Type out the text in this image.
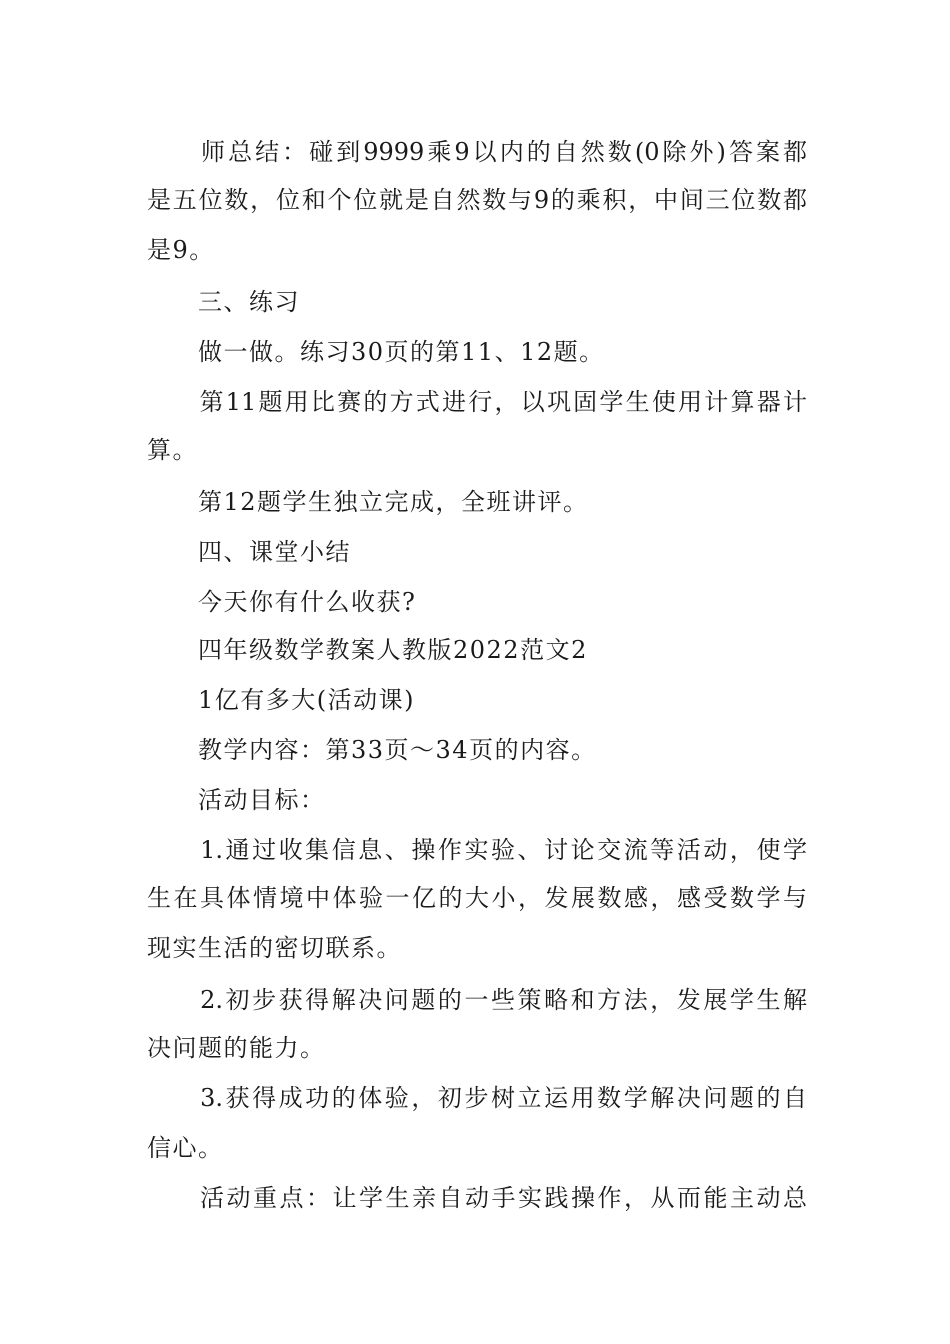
　　师总结：碰到9999乘9以内的自然数(0除外)答案都
是五位数，位和个位就是自然数与9的乘积，中间三位数都
是9。
　　三、练习
　　做一做。练习30页的第11、12题。
　　第11题用比赛的方式进行，以巩固学生使用计算器计
算。
　　第12题学生独立完成，全班讲评。
　　四、课堂小结
　　今天你有什么收获?
　　四年级数学教案人教版2022范文2
　　1亿有多大(活动课)
　　教学内容：第33页～34页的内容。
　　活动目标：
　　1.通过收集信息、操作实验、讨论交流等活动，使学
生在具体情境中体验一亿的大小，发展数感，感受数学与
现实生活的密切联系。
　　2.初步获得解决问题的一些策略和方法，发展学生解
决问题的能力。
　　3.获得成功的体验，初步树立运用数学解决问题的自
信心。
　　活动重点：让学生亲自动手实践操作，从而能主动总
